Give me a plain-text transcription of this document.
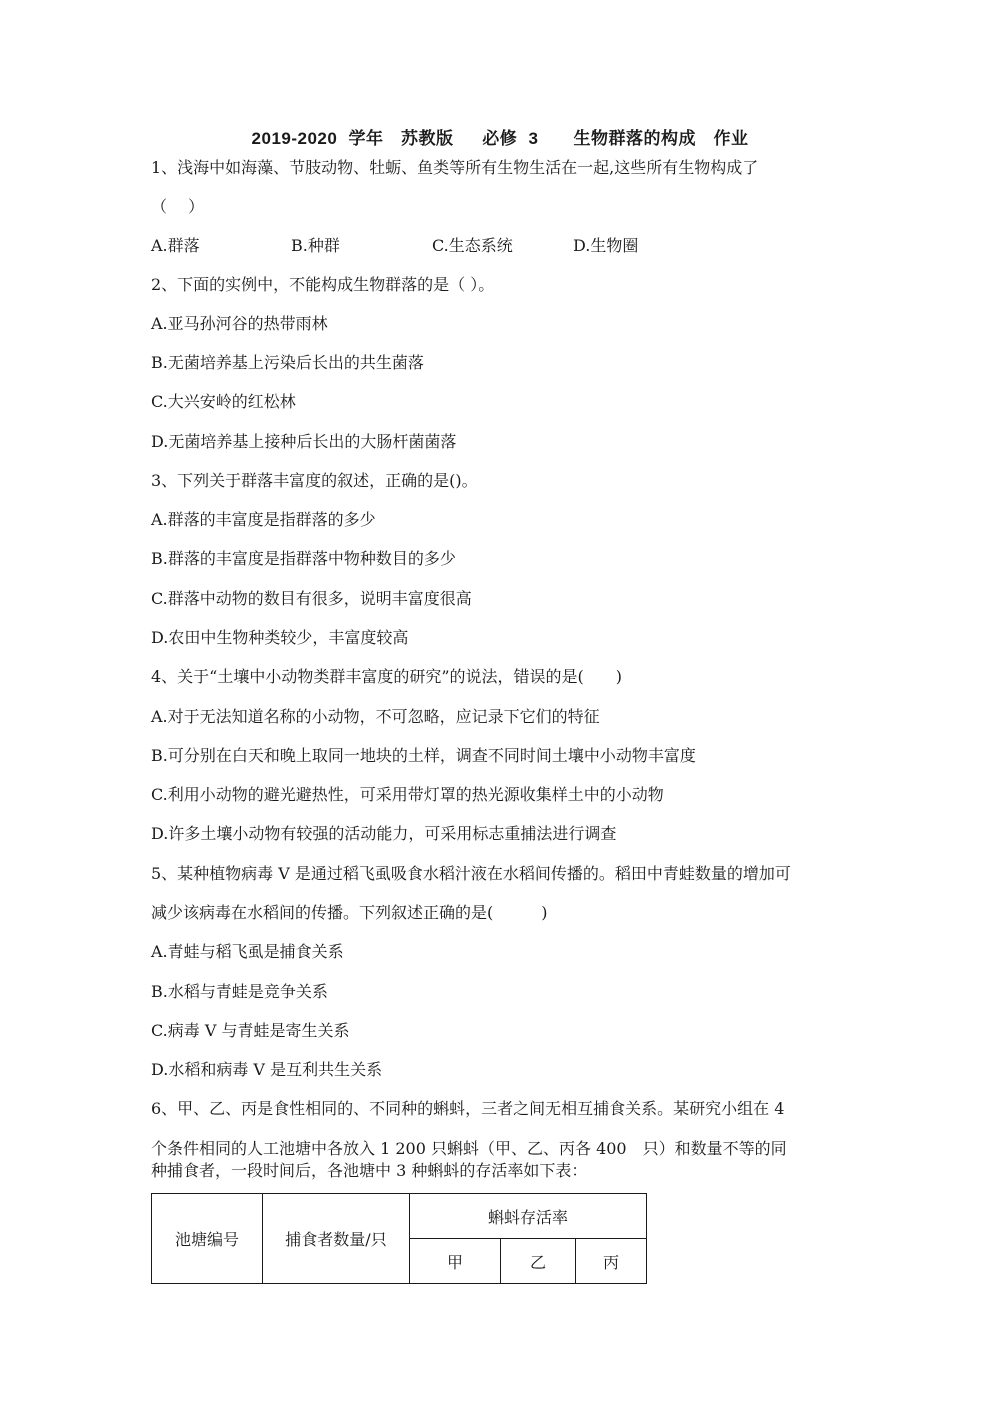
2019-2020 学年　苏教版　 必修 3　　生物群落的构成　作业
1、浅海中如海藻、节肢动物、牡蛎、鱼类等所有生物生活在一起,这些所有生物构成了
（　 ）
A.群落	B.种群	C.生态系统	D.生物圈
2、下面的实例中，不能构成生物群落的是（ ）。
A.亚马孙河谷的热带雨林
B.无菌培养基上污染后长出的共生菌落
C.大兴安岭的红松林
D.无菌培养基上接种后长出的大肠杆菌菌落
3、下列关于群落丰富度的叙述，正确的是()。
A.群落的丰富度是指群落的多少
B.群落的丰富度是指群落中物种数目的多少
C.群落中动物的数目有很多，说明丰富度很高
D.农田中生物种类较少，丰富度较高
4、关于“土壤中小动物类群丰富度的研究”的说法，错误的是(　　)
A.对于无法知道名称的小动物，不可忽略，应记录下它们的特征
B.可分别在白天和晚上取同一地块的土样，调查不同时间土壤中小动物丰富度
C.利用小动物的避光避热性，可采用带灯罩的热光源收集样土中的小动物
D.许多土壤小动物有较强的活动能力，可采用标志重捕法进行调查
5、某种植物病毒 V 是通过稻飞虱吸食水稻汁液在水稻间传播的。稻田中青蛙数量的增加可
减少该病毒在水稻间的传播。下列叙述正确的是(　　　)
A.青蛙与稻飞虱是捕食关系
B.水稻与青蛙是竞争关系
C.病毒 V 与青蛙是寄生关系
D.水稻和病毒 V 是互利共生关系
6、甲、乙、丙是食性相同的、不同种的蝌蚪，三者之间无相互捕食关系。某研究小组在 4
个条件相同的人工池塘中各放入 1 200 只蝌蚪（甲、乙、丙各 400　只）和数量不等的同
种捕食者，一段时间后，各池塘中 3 种蝌蚪的存活率如下表：
池塘编号	捕食者数量/只	蝌蚪存活率		
		甲	乙	丙
